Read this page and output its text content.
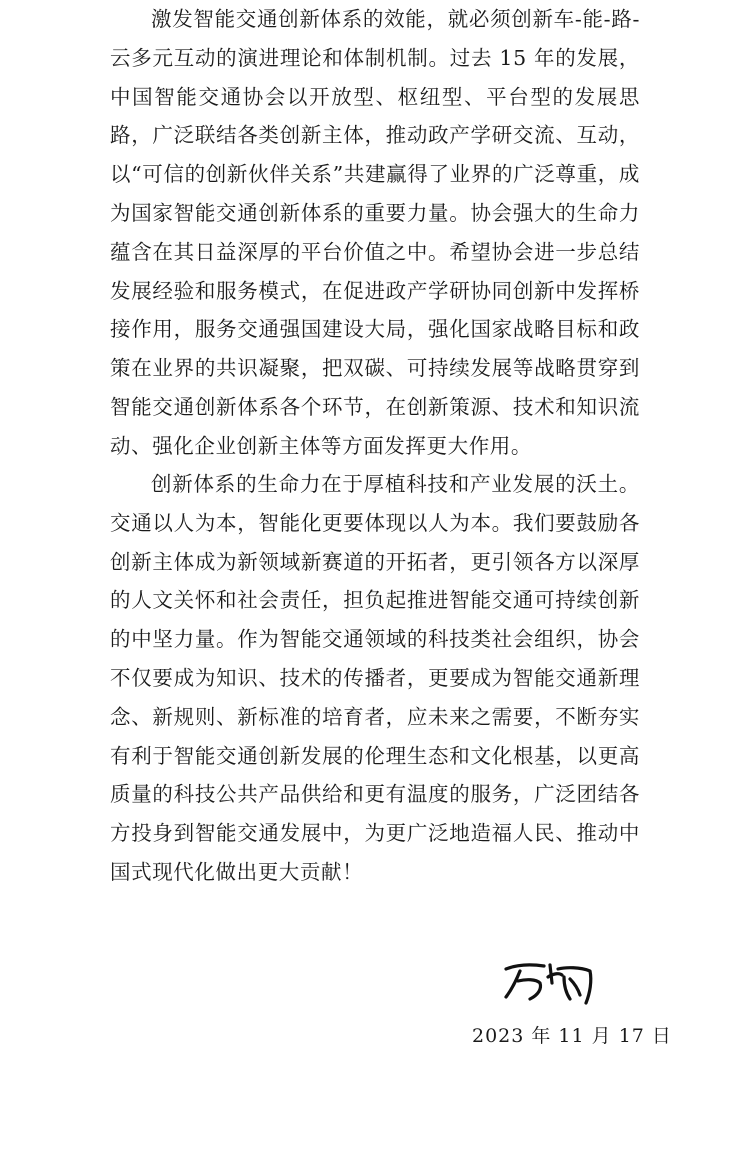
激发智能交通创新体系的效能，就必须创新车-能-路-云多元互动的演进理论和体制机制。过去 15 年的发展，中国智能交通协会以开放型、枢纽型、平台型的发展思路，广泛联结各类创新主体，推动政产学研交流、互动，以“可信的创新伙伴关系”共建赢得了业界的广泛尊重，成为国家智能交通创新体系的重要力量。协会强大的生命力蕴含在其日益深厚的平台价值之中。希望协会进一步总结发展经验和服务模式，在促进政产学研协同创新中发挥桥接作用，服务交通强国建设大局，强化国家战略目标和政策在业界的共识凝聚，把双碳、可持续发展等战略贯穿到智能交通创新体系各个环节，在创新策源、技术和知识流动、强化企业创新主体等方面发挥更大作用。

创新体系的生命力在于厚植科技和产业发展的沃土。交通以人为本，智能化更要体现以人为本。我们要鼓励各创新主体成为新领域新赛道的开拓者，更引领各方以深厚的人文关怀和社会责任，担负起推进智能交通可持续创新的中坚力量。作为智能交通领域的科技类社会组织，协会不仅要成为知识、技术的传播者，更要成为智能交通新理念、新规则、新标准的培育者，应未来之需要，不断夯实有利于智能交通创新发展的伦理生态和文化根基，以更高质量的科技公共产品供给和更有温度的服务，广泛团结各方投身到智能交通发展中，为更广泛地造福人民、推动中国式现代化做出更大贡献！

2023 年 11 月 17 日
